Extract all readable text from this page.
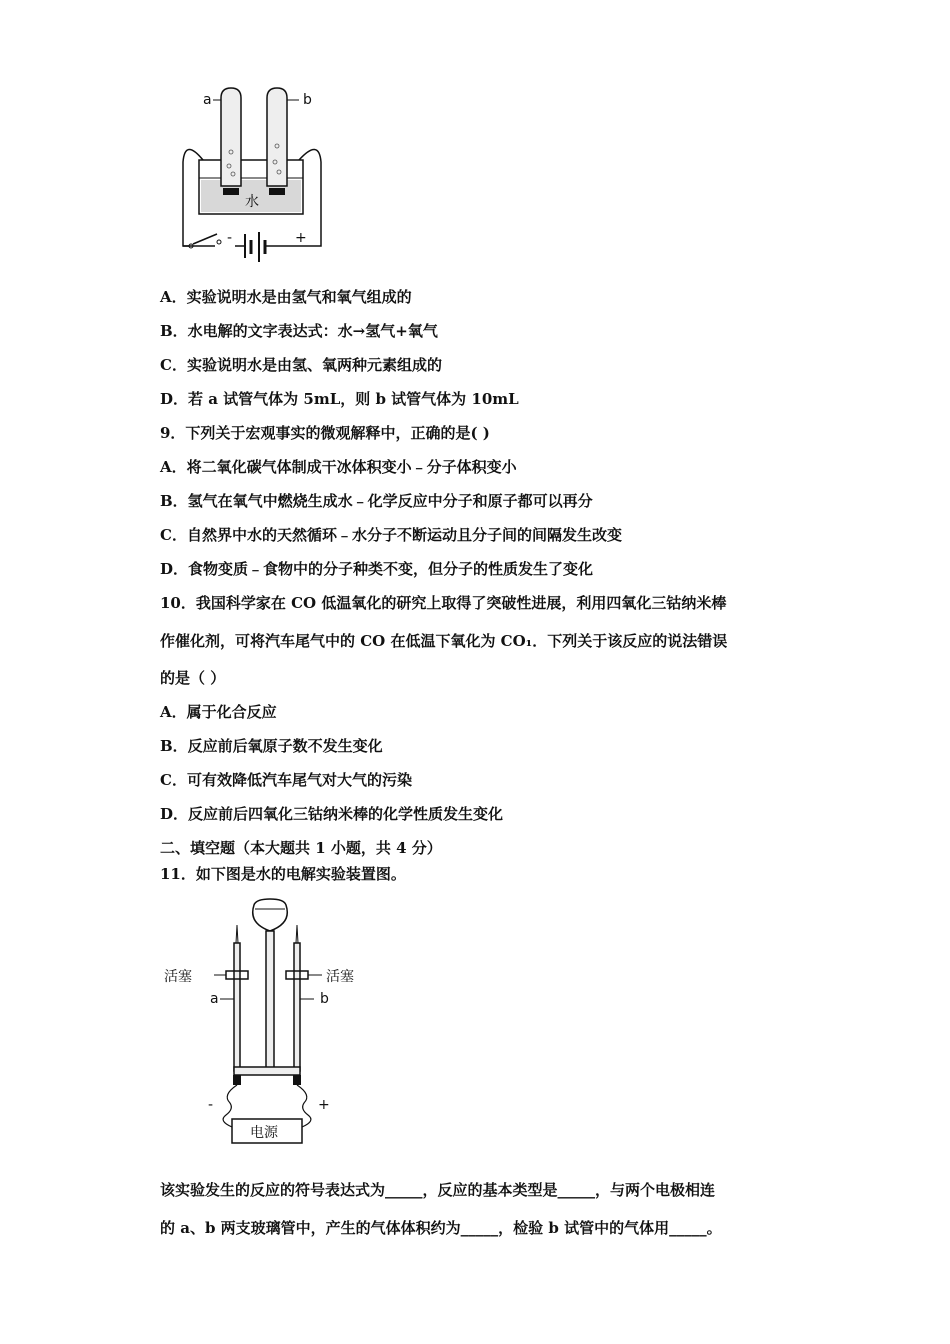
-	+
水
a	b
A．实验说明水是由氢气和氧气组成的
B．水电解的文字表达式：水→氢气+氧气
C．实验说明水是由氢、氧两种元素组成的
D．若 a 试管气体为 5mL，则 b 试管气体为 10mL
9．下列关于宏观事实的微观解释中，正确的是( )
A．将二氧化碳气体制成干冰体积变小﹣分子体积变小
B．氢气在氧气中燃烧生成水﹣化学反应中分子和原子都可以再分
C．自然界中水的天然循环﹣水分子不断运动且分子间的间隔发生改变
D．食物变质﹣食物中的分子种类不变，但分子的性质发生了变化
10．我国科学家在 CO 低温氧化的研究上取得了突破性进展，利用四氧化三钴纳米棒
作催化剂，可将汽车尾气中的 CO 在低温下氧化为 CO₁．下列关于该反应的说法错误
的是（ ）
A．属于化合反应
B．反应前后氧原子数不发生变化
C．可有效降低汽车尾气对大气的污染
D．反应前后四氧化三钴纳米棒的化学性质发生变化
二、填空题（本大题共 1 小题，共 4 分）
11．如下图是水的电解实验装置图。
活塞	活塞
a	b
-	+
电源
该实验发生的反应的符号表达式为_____，反应的基本类型是_____，与两个电极相连
的 a、b 两支玻璃管中，产生的气体体积约为_____，检验 b 试管中的气体用_____。
